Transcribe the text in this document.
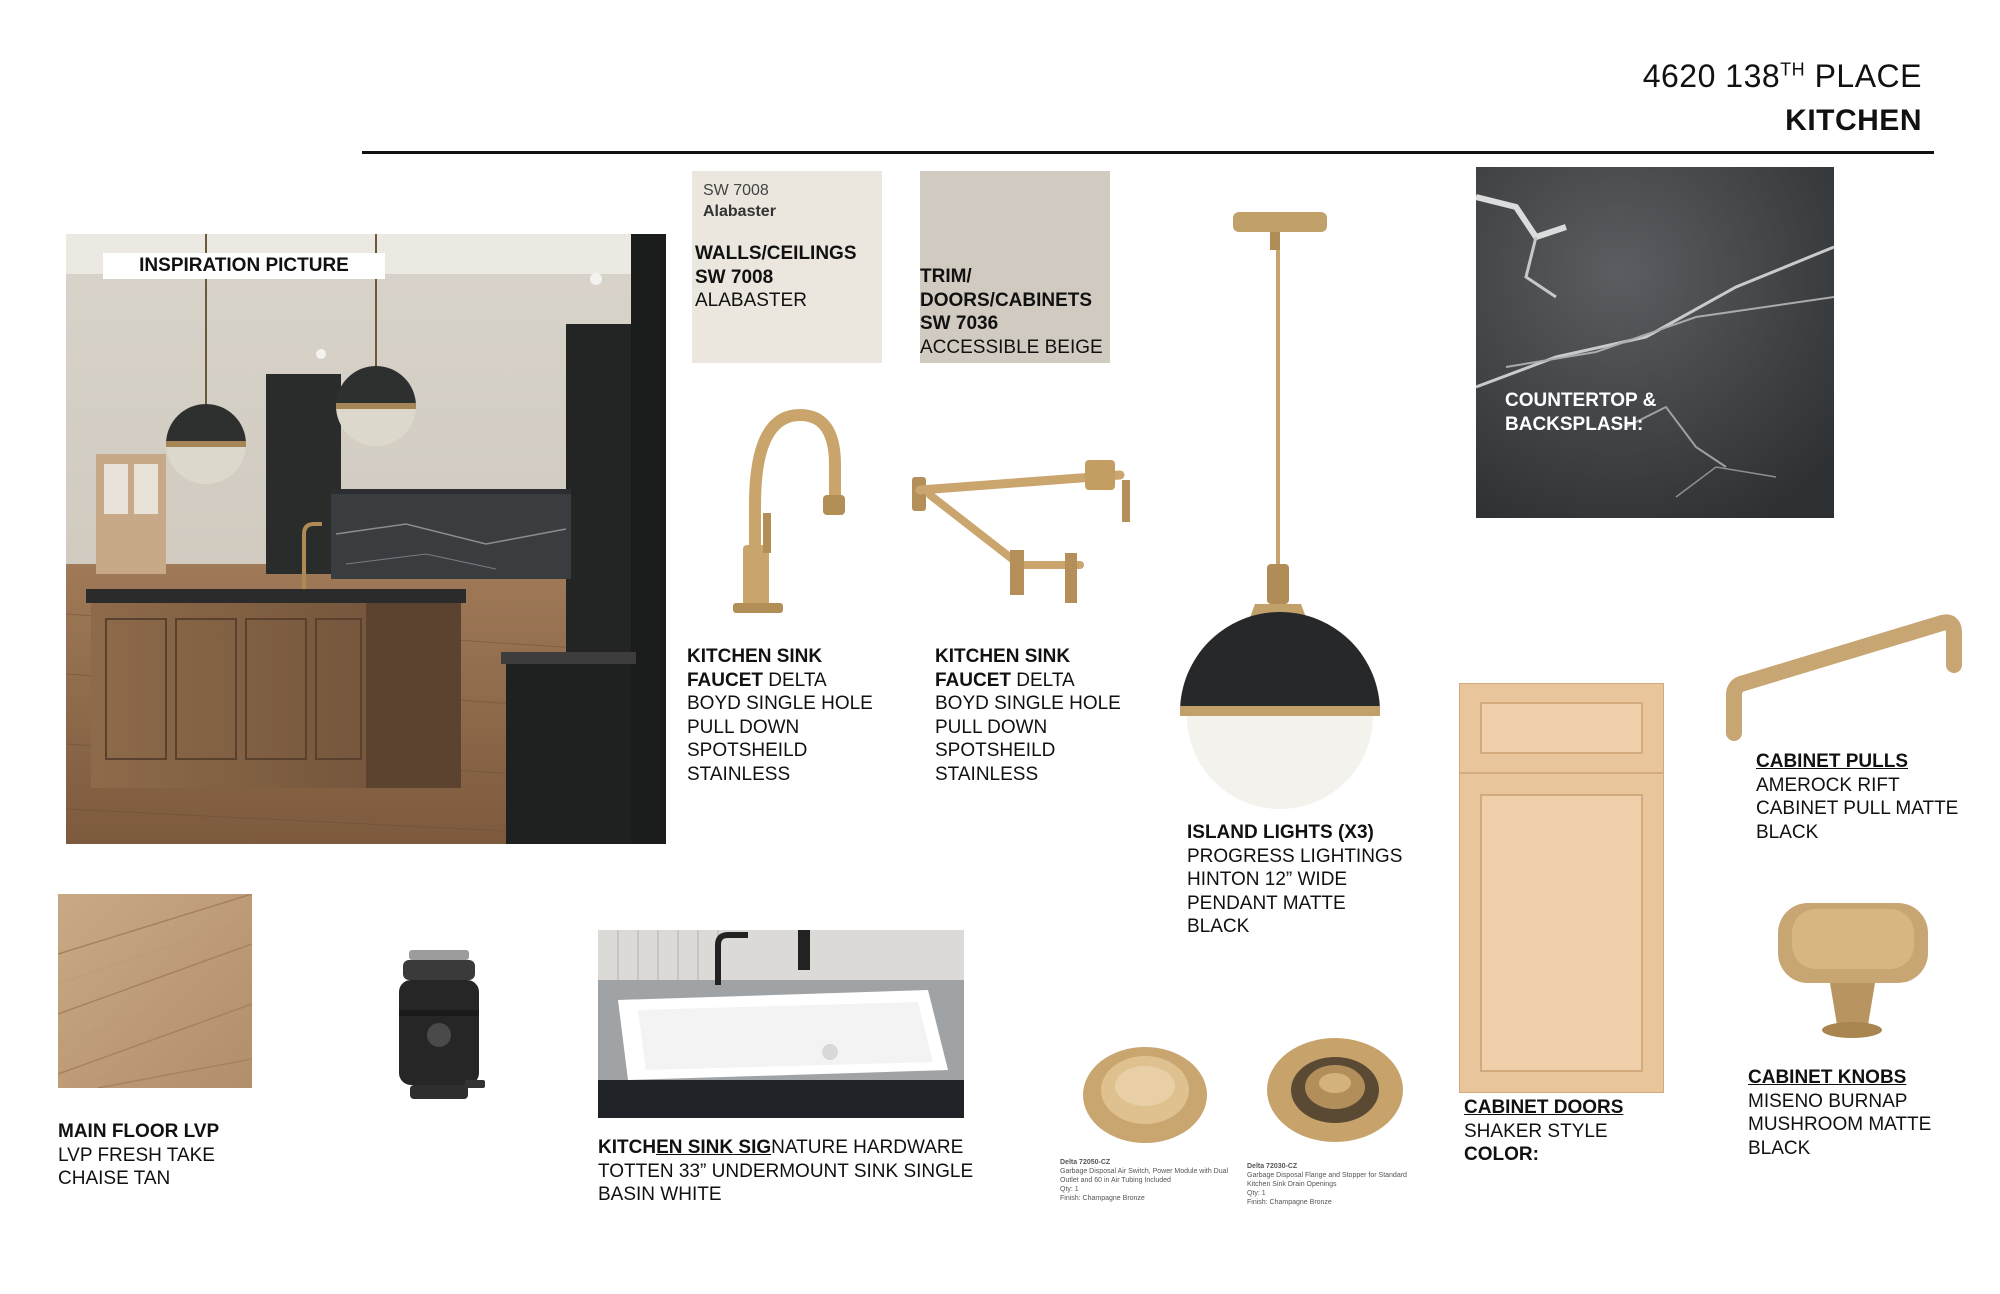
4620 138TH PLACE
KITCHEN
INSPIRATION PICTURE
SW 7008
Alabaster
WALLS/CEILINGS
SW 7008
ALABASTER
TRIM/
DOORS/CABINETS
SW 7036
ACCESSIBLE BEIGE
KITCHEN SINK
FAUCET DELTA
BOYD SINGLE HOLE
PULL DOWN
SPOTSHEILD
STAINLESS
KITCHEN SINK
FAUCET DELTA
BOYD SINGLE HOLE
PULL DOWN
SPOTSHEILD
STAINLESS
ISLAND LIGHTS (X3)
PROGRESS LIGHTINGS
HINTON 12” WIDE
PENDANT MATTE
BLACK
COUNTERTOP &
BACKSPLASH:
CABINET DOORS
SHAKER STYLE
COLOR:
CABINET PULLS
AMEROCK RIFT
CABINET PULL MATTE
BLACK
CABINET KNOBS
MISENO BURNAP
MUSHROOM MATTE
BLACK
MAIN FLOOR LVP
LVP FRESH TAKE
CHAISE TAN
KITCHEN SINK SIGNATURE HARDWARE
TOTTEN 33” UNDERMOUNT SINK SINGLE
BASIN WHITE
Delta 72050-CZ
Garbage Disposal Air Switch, Power Module with Dual Outlet and 60 in Air Tubing Included
Qty: 1
Finish: Champagne Bronze
Delta 72030-CZ
Garbage Disposal Flange and Stopper for Standard Kitchen Sink Drain Openings
Qty: 1
Finish: Champagne Bronze
